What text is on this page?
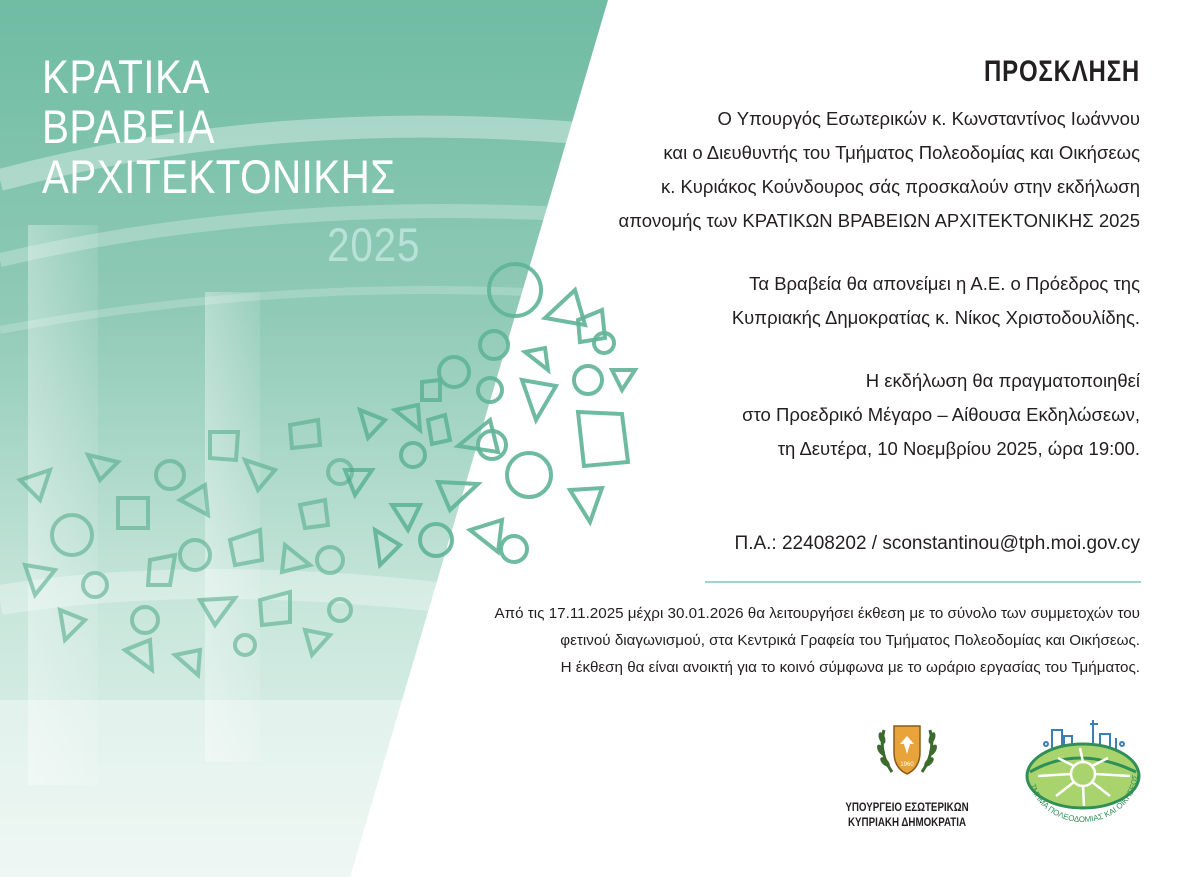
ΚΡΑΤΙΚΑ
ΒΡΑΒΕΙΑ
ΑΡΧΙΤΕΚΤΟΝΙΚΗΣ
2025
ΠΡΟΣΚΛΗΣΗ
Ο Υπουργός Εσωτερικών κ. Κωνσταντίνος Ιωάννου
και ο Διευθυντής του Τμήματος Πολεοδομίας και Οικήσεως
κ. Κυριάκος Κούνδουρος σάς προσκαλούν στην εκδήλωση
απονομής των ΚΡΑΤΙΚΩΝ ΒΡΑΒΕΙΩΝ ΑΡΧΙΤΕΚΤΟΝΙΚΗΣ 2025
Τα Βραβεία θα απονείμει η Α.Ε. ο Πρόεδρος της
Κυπριακής Δημοκρατίας κ. Νίκος Χριστοδουλίδης.
Η εκδήλωση θα πραγματοποιηθεί
στο Προεδρικό Μέγαρο – Αίθουσα Εκδηλώσεων,
τη Δευτέρα, 10 Νοεμβρίου 2025, ώρα 19:00.
Π.Α.: 22408202 / sconstantinou@tph.moi.gov.cy
Από τις 17.11.2025 μέχρι 30.01.2026 θα λειτουργήσει έκθεση με το σύνολο των συμμετοχών του
φετινού διαγωνισμού, στα Κεντρικά Γραφεία του Τμήματος Πολεοδομίας και Οικήσεως.
Η έκθεση θα είναι ανοικτή για το κοινό σύμφωνα με το ωράριο εργασίας του Τμήματος.
1960
ΥΠΟΥΡΓΕΙΟ ΕΣΩΤΕΡΙΚΩΝ
ΚΥΠΡΙΑΚΗ ΔΗΜΟΚΡΑΤΙΑ
ΤΜΗΜΑ ΠΟΛΕΟΔΟΜΙΑΣ ΚΑΙ ΟΙΚΗΣΕΩΣ
